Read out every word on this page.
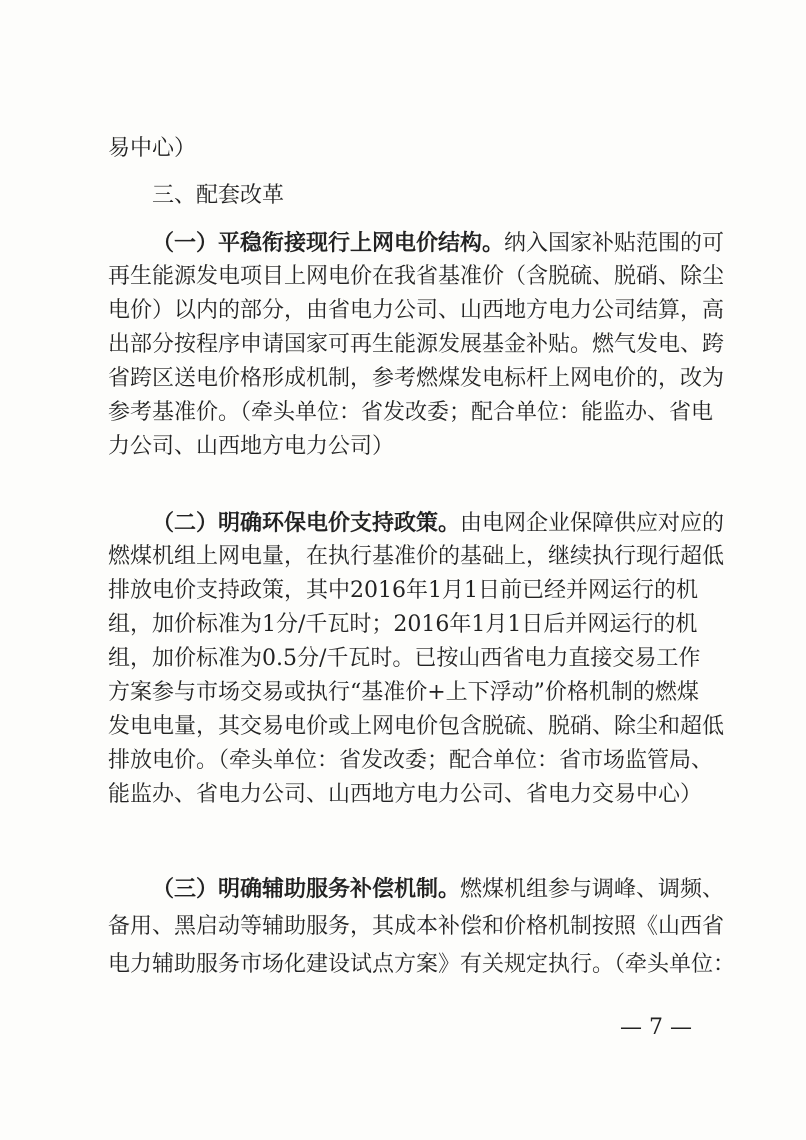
易中心）
三、配套改革
（一）平稳衔接现行上网电价结构。纳入国家补贴范围的可
再生能源发电项目上网电价在我省基准价（含脱硫、脱硝、除尘
电价）以内的部分，由省电力公司、山西地方电力公司结算，高
出部分按程序申请国家可再生能源发展基金补贴。燃气发电、跨
省跨区送电价格形成机制，参考燃煤发电标杆上网电价的，改为
参考基准价。（牵头单位：省发改委；配合单位：能监办、省电
力公司、山西地方电力公司）
（二）明确环保电价支持政策。由电网企业保障供应对应的
燃煤机组上网电量，在执行基准价的基础上，继续执行现行超低
排放电价支持政策，其中2016年1月1日前已经并网运行的机
组，加价标准为1分/千瓦时；2016年1月1日后并网运行的机
组，加价标准为0.5分/千瓦时。已按山西省电力直接交易工作
方案参与市场交易或执行“基准价+上下浮动”价格机制的燃煤
发电电量，其交易电价或上网电价包含脱硫、脱硝、除尘和超低
排放电价。（牵头单位：省发改委；配合单位：省市场监管局、
能监办、省电力公司、山西地方电力公司、省电力交易中心）
（三）明确辅助服务补偿机制。燃煤机组参与调峰、调频、
备用、黑启动等辅助服务，其成本补偿和价格机制按照《山西省
电力辅助服务市场化建设试点方案》有关规定执行。（牵头单位：
— 7 —
